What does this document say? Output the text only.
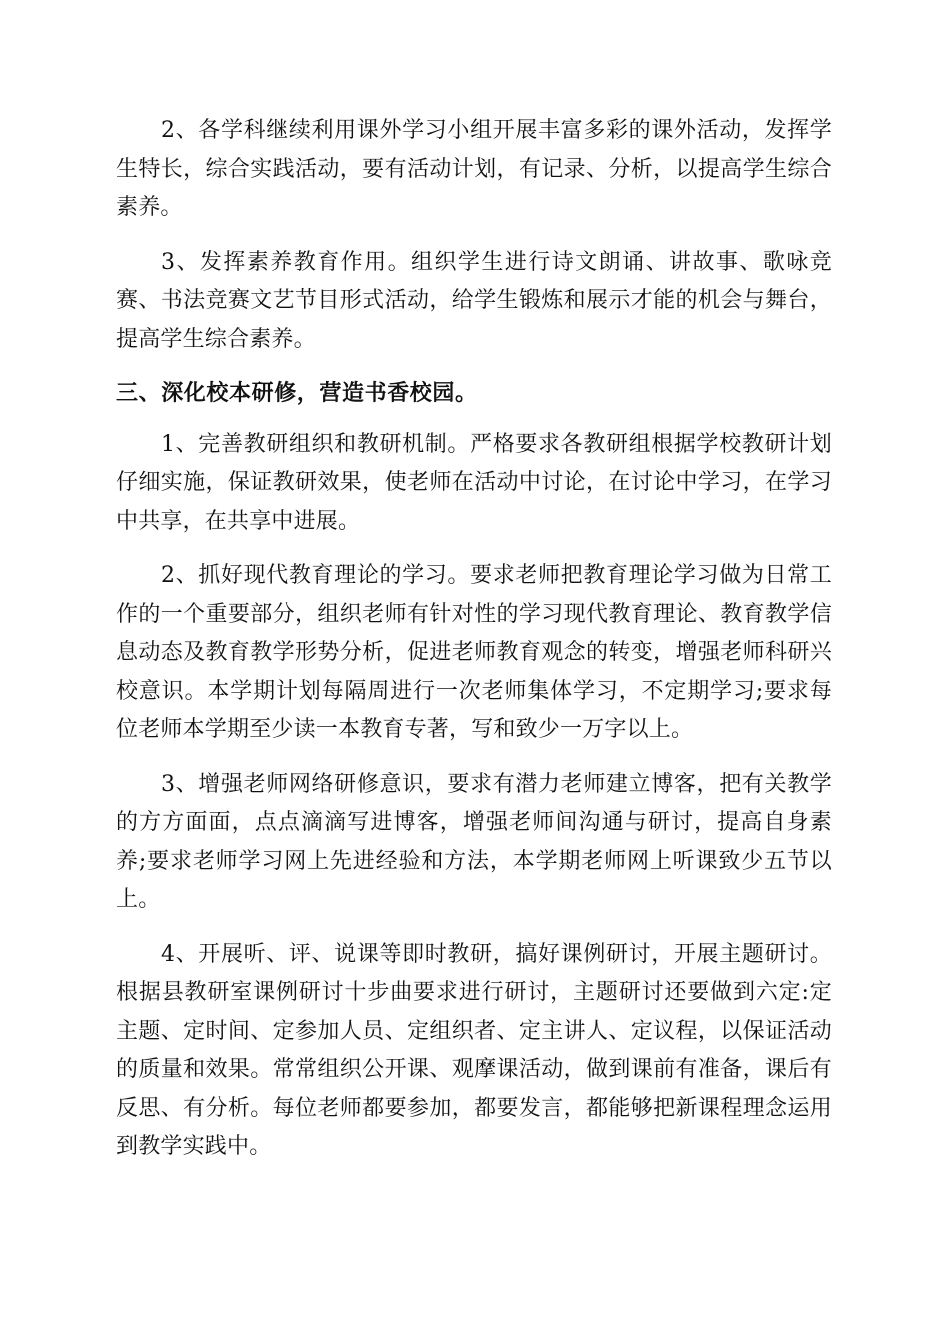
2、各学科继续利用课外学习小组开展丰富多彩的课外活动，发挥学生特长，综合实践活动，要有活动计划，有记录、分析，以提高学生综合素养。

3、发挥素养教育作用。组织学生进行诗文朗诵、讲故事、歌咏竞赛、书法竞赛文艺节目形式活动，给学生锻炼和展示才能的机会与舞台，提高学生综合素养。

三、深化校本研修，营造书香校园。

1、完善教研组织和教研机制。严格要求各教研组根据学校教研计划仔细实施，保证教研效果，使老师在活动中讨论，在讨论中学习，在学习中共享，在共享中进展。

2、抓好现代教育理论的学习。要求老师把教育理论学习做为日常工作的一个重要部分，组织老师有针对性的学习现代教育理论、教育教学信息动态及教育教学形势分析，促进老师教育观念的转变，增强老师科研兴校意识。本学期计划每隔周进行一次老师集体学习，不定期学习;要求每位老师本学期至少读一本教育专著，写和致少一万字以上。

3、增强老师网络研修意识，要求有潜力老师建立博客，把有关教学的方方面面，点点滴滴写进博客，增强老师间沟通与研讨，提高自身素养;要求老师学习网上先进经验和方法，本学期老师网上听课致少五节以上。

4、开展听、评、说课等即时教研，搞好课例研讨，开展主题研讨。根据县教研室课例研讨十步曲要求进行研讨，主题研讨还要做到六定:定主题、定时间、定参加人员、定组织者、定主讲人、定议程，以保证活动的质量和效果。常常组织公开课、观摩课活动，做到课前有准备，课后有反思、有分析。每位老师都要参加，都要发言，都能够把新课程理念运用到教学实践中。
